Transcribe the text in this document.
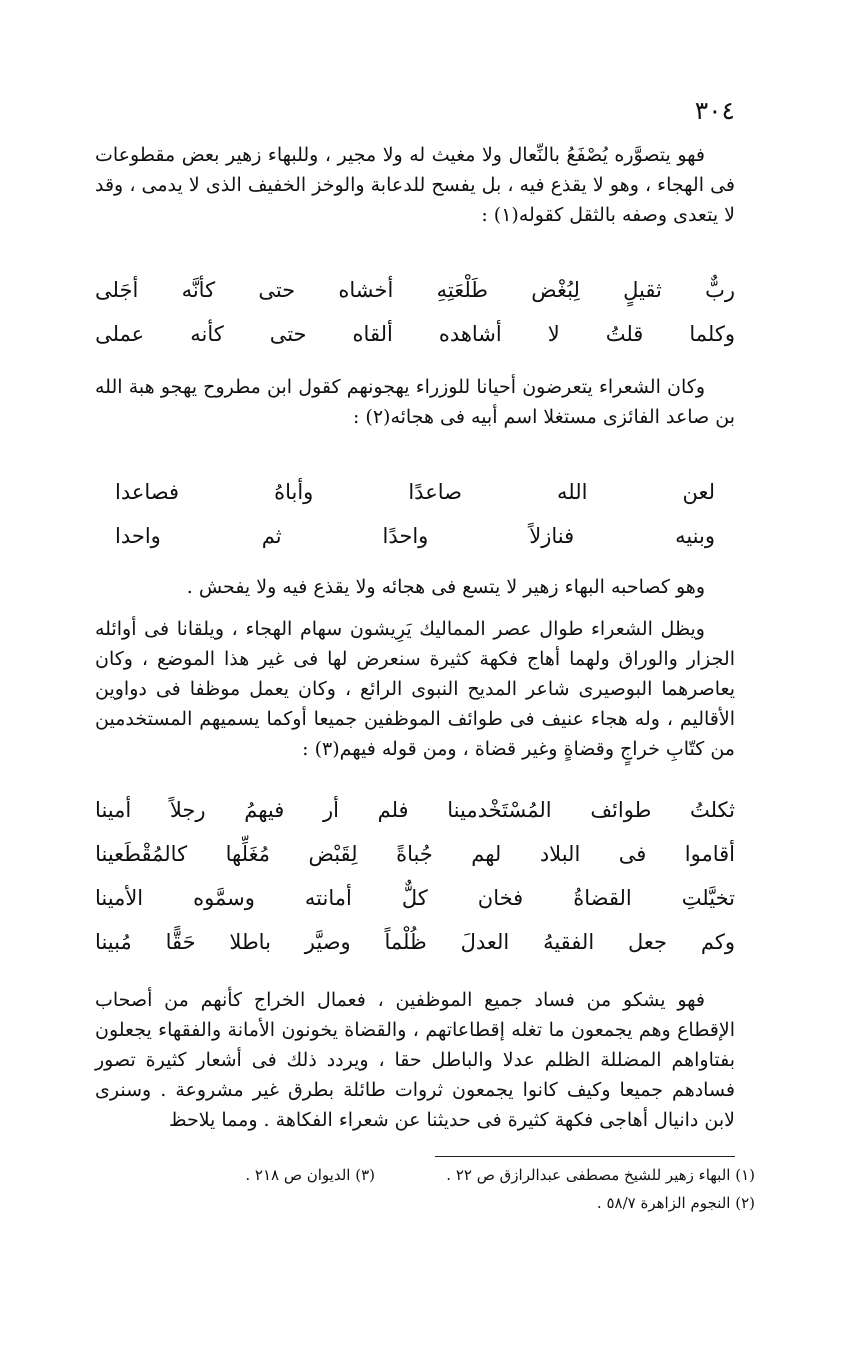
٣٠٤

فهو يتصوَّره يُصْفَعُ بالنِّعال ولا مغيث له ولا مجير ، وللبهاء زهير بعض مقطوعات فى الهجاء ، وهو لا يقذع فيه ، بل يفسح للدعابة والوخز الخفيف الذى لا يدمى ، وقد لا يتعدى وصفه بالثقل كقوله(١) :

ربٌّ
ثقيلٍ
لِبُغْض
طَلْعَتِهِ
أخشاه
حتى
كأنَّه
أجَلى
وكلما
قلتُ
لا
أشاهده
ألقاه
حتى
كأنه
عملى

وكان الشعراء يتعرضون أحيانا للوزراء يهجونهم كقول ابن مطروح يهجو هبة الله بن صاعد الفائزى مستغلا اسم أبيه فى هجائه(٢) :

لعن
الله
صاعدًا
وأباهُ
فصاعدا
وبنيه
فنازلاً
واحدًا
ثم
واحدا

وهو كصاحبه البهاء زهير لا يتسع فى هجائه ولا يقذع فيه ولا يفحش .

ويظل الشعراء طوال عصر المماليك يَرِيشون سهام الهجاء ، ويلقانا فى أوائله الجزار والوراق ولهما أهاج فكهة كثيرة سنعرض لها فى غير هذا الموضع ، وكان يعاصرهما البوصيرى شاعر المديح النبوى الرائع ، وكان يعمل موظفا فى دواوين الأقاليم ، وله هجاء عنيف فى طوائف الموظفين جميعا أوكما يسميهم المستخدمين من كتّابِ خراجٍ وقضاةٍ وغير قضاة ، ومن قوله فيهم(٣) :

ثكلتُ
طوائف
المُسْتَخْدمينا
فلم
أر
فيهمُ
رجلاً
أمينا
أقاموا
فى
البلاد
لهم
جُباةً
لِقَبْض
مُغَلِّها
كالمُقْطَعينا
تخيَّلتِ
القضاةُ
فخان
كلٌّ
أمانته
وسمَّوه
الأمينا
وكم
جعل
الفقيهُ
العدلَ
ظُلْماً
وصيَّر
باطلا
حَقًّا
مُبينا

فهو يشكو من فساد جميع الموظفين ، فعمال الخراج كأنهم من أصحاب الإقطاع وهم يجمعون ما تغله إقطاعاتهم ، والقضاة يخونون الأمانة والفقهاء يجعلون بفتاواهم المضللة الظلم عدلا والباطل حقا ، ويردد ذلك فى أشعار كثيرة تصور فسادهم جميعا وكيف كانوا يجمعون ثروات طائلة بطرق غير مشروعة . وسنرى لابن دانيال أهاجى فكهة كثيرة فى حديثنا عن شعراء الفكاهة . ومما يلاحظ

(١) البهاء زهير للشيخ مصطفى عبدالرازق ص ٢٢ .
(٣) الديوان ص ٢١٨ .
(٢) النجوم الزاهرة ٥٨/٧ .
